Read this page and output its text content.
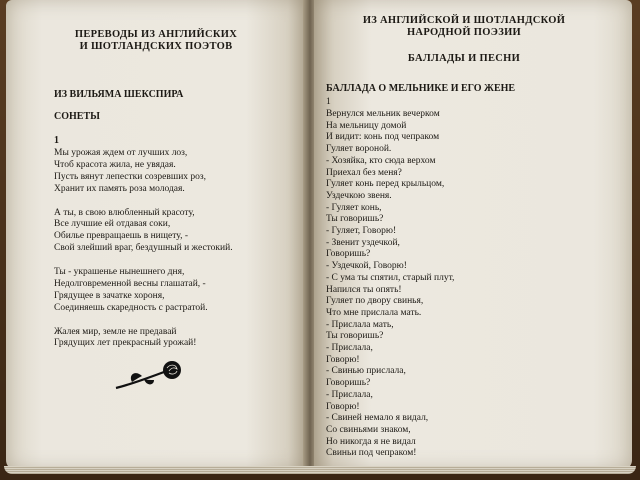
ПЕРЕВОДЫ ИЗ АНГЛИЙСКИХ
И ШОТЛАНДСКИХ ПОЭТОВ
ИЗ ВИЛЬЯМА ШЕКСПИРА
СОНЕТЫ
1
Мы урожая ждем от лучших лоз,
Чтоб красота жила, не увядая.
Пусть вянут лепестки созревших роз,
Хранит их память роза молодая.
А ты, в свою влюбленный красоту,
Все лучшие ей отдавая соки,
Обилье превращаешь в нищету, -
Свой злейший враг, бездушный и жестокий.
Ты - украшенье нынешнего дня,
Недолговременной весны глашатай, -
Грядущее в зачатке хороня,
Соединяешь скаредность с растратой.
Жалея мир, земле не предавай
Грядущих лет прекрасный урожай!
ИЗ АНГЛИЙСКОЙ И ШОТЛАНДСКОЙ
НАРОДНОЙ ПОЭЗИИ
БАЛЛАДЫ И ПЕСНИ
БАЛЛАДА О МЕЛЬНИКЕ И ЕГО ЖЕНЕ
1
Вернулся мельник вечерком
На мельницу домой
И видит: конь под чепраком
Гуляет вороной.
- Хозяйка, кто сюда верхом
Приехал без меня?
Гуляет конь перед крыльцом,
Уздечкою звеня.
- Гуляет конь,
Ты говоришь?
- Гуляет, Говорю!
- Звенит уздечкой,
Говоришь?
- Уздечкой, Говорю!
- С ума ты спятил, старый плут,
Напился ты опять!
Гуляет по двору свинья,
Что мне прислала мать.
- Прислала мать,
Ты говоришь?
- Прислала,
Говорю!
- Свинью прислала,
Говоришь?
- Прислала,
Говорю!
- Свиней немало я видал,
Со свиньями знаком,
Но никогда я не видал
Свиньи под чепраком!
